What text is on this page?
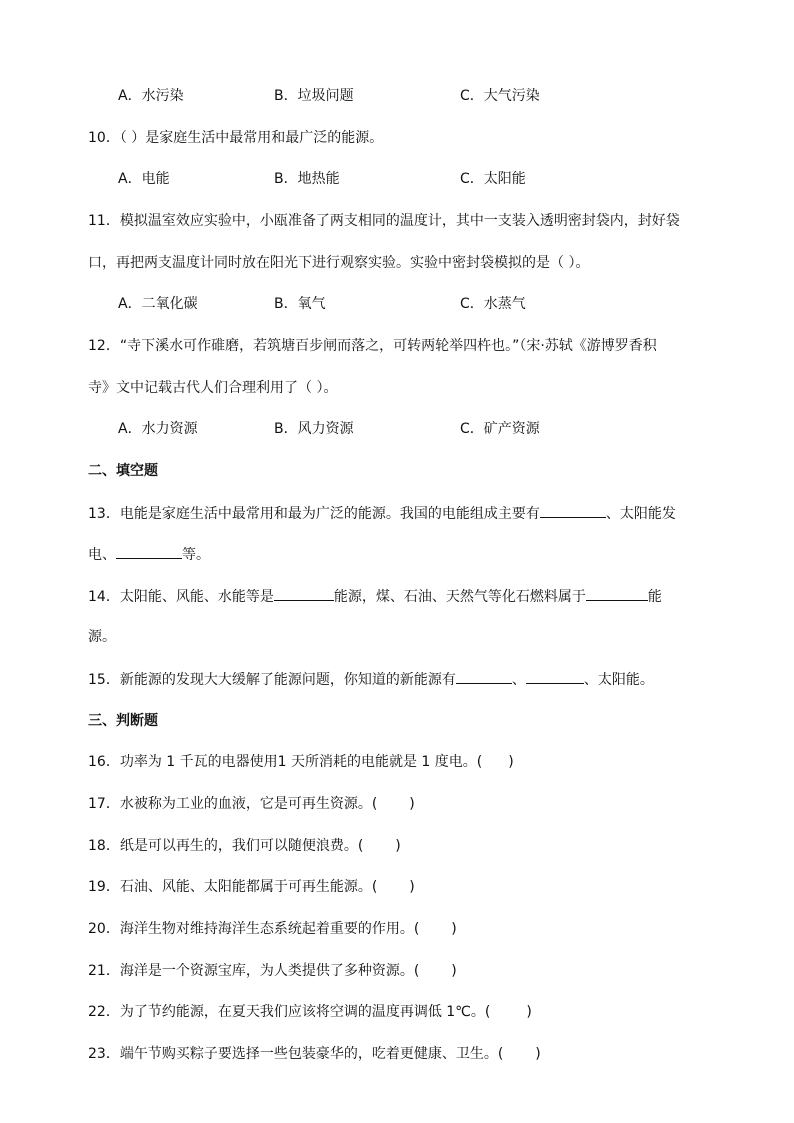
A．水污染	B．垃圾问题	C．大气污染
10．（ ）是家庭生活中最常用和最广泛的能源。
A．电能	B．地热能	C．太阳能
11．模拟温室效应实验中，小瓯准备了两支相同的温度计，其中一支装入透明密封袋内，封好袋
口，再把两支温度计同时放在阳光下进行观察实验。实验中密封袋模拟的是（ ）。
A．二氧化碳	B．氧气	C．水蒸气
12．“寺下溪水可作碓磨，若筑塘百步闸而落之，可转两轮举四杵也。”（宋·苏轼《游博罗香积
寺》文中记载古代人们合理利用了（ ）。
A．水力资源	B．风力资源	C．矿产资源
二、填空题
13．电能是家庭生活中最常用和最为广泛的能源。我国的电能组成主要有	、太阳能发
电、	等。
14．太阳能、风能、水能等是	能源，煤、石油、天然气等化石燃料属于	能
源。
15．新能源的发现大大缓解了能源问题，你知道的新能源有	、	、太阳能。
三、判断题
16．功率为 1 千瓦的电器使用1 天所消耗的电能就是 1 度电。( )
17．水被称为工业的血液，它是可再生资源。( )
18．纸是可以再生的，我们可以随便浪费。( )
19．石油、风能、太阳能都属于可再生能源。( )
20．海洋生物对维持海洋生态系统起着重要的作用。( )
21．海洋是一个资源宝库，为人类提供了多种资源。( )
22．为了节约能源，在夏天我们应该将空调的温度再调低 1℃。(	)
23．端午节购买粽子要选择一些包装豪华的，吃着更健康、卫生。( )
